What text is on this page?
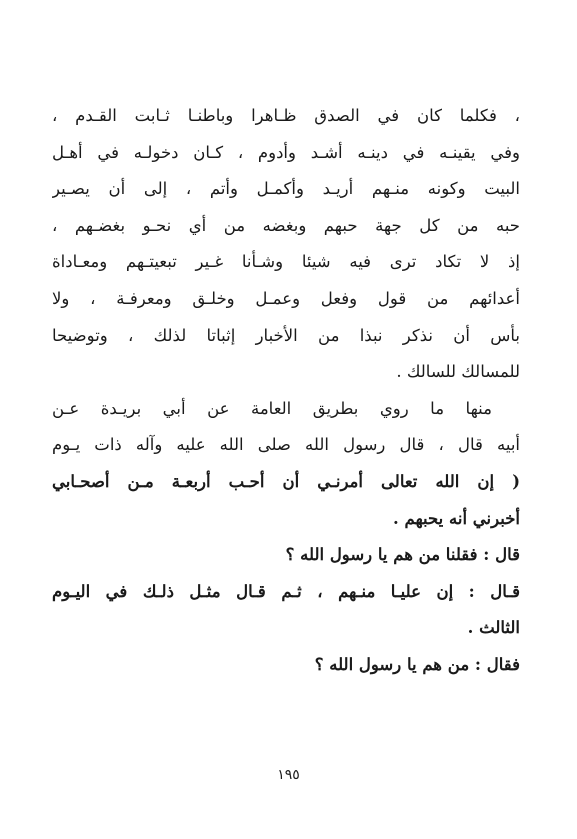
، فكلما كان في الصدق ظـاهرا وباطنـا ثـابت القـدم ،
وفي يقينـه في دينـه أشـد وأدوم ، كـان دخولـه في أهـل
البيت وكونه منـهم أريـد وأكمـل وأتم ، إلى أن يصـير
حبه من كل جهة حبهم وبغضه من أي نحـو بغضـهم ،
إذ لا تكاد ترى فيه شيئا وشـأنا غـير تبعيتـهم ومعـاداة
أعدائهم من قول وفعل وعمـل وخلـق ومعرفـة ، ولا
بأس أن نذكر نبذا من الأخبار إثباتا لذلك ، وتوضيحا
للمسالك للسالك .
منها ما روي بطريق العامة عن أبي بريـدة عـن
أبيه قال ، قال رسول الله صلى الله عليه وآله ذات يـوم
( إن الله تعالى أمرنـي أن أحـب أربعـة مـن أصحـابي
أخبرني أنه يحبهم .
قال : فقلنا من هم يا رسول الله ؟
قـال : إن عليـا منـهم ، ثـم قـال مثـل ذلـك في اليـوم
الثالث .
فقال : من هم يا رسول الله ؟
١٩٥
